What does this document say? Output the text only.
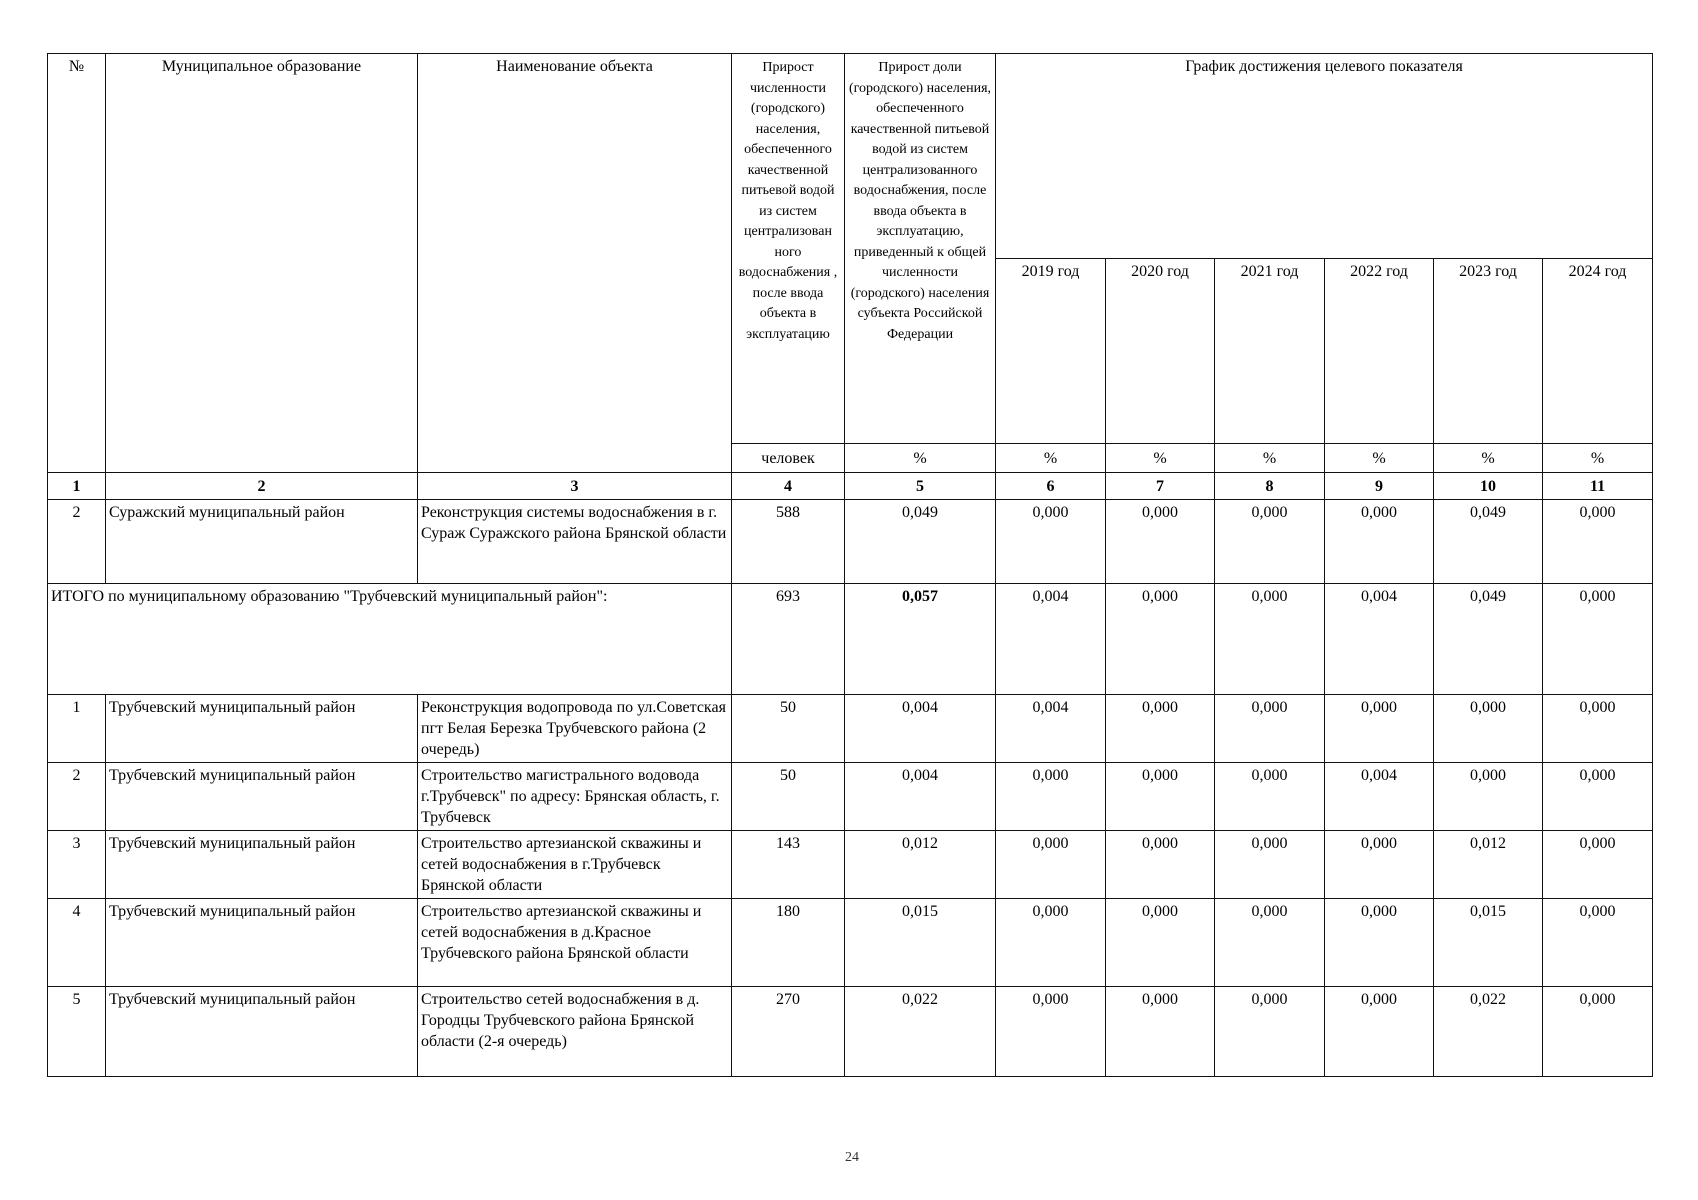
№	Муниципальное образование	Наименование объекта	Прирост численности (городского) населения, обеспеченного качественной питьевой водой из систем централизован ного водоснабжения , после ввода объекта в эксплуатацию	Прирост доли (городского) населения, обеспеченного качественной питьевой водой из систем централизованного водоснабжения, после ввода объекта в эксплуатацию, приведенный к общей численности (городского) населения субъекта Российской Федерации	График достижения целевого показателя					
					2019 год	2020 год	2021 год	2022 год	2023 год	2024 год
			человек	%	%	%	%	%	%	%
1	2	3	4	5	6	7	8	9	10	11
2	Суражский муниципальный район	Реконструкция системы водоснабжения в г. Сураж Суражского района Брянской области	588	0,049	0,000	0,000	0,000	0,000	0,049	0,000
ИТОГО по муниципальному образованию "Трубчевский муниципальный район":			693	0,057	0,004	0,000	0,000	0,004	0,049	0,000
1	Трубчевский муниципальный район	Реконструкция водопровода по ул.Советская пгт Белая Березка Трубчевского района (2 очередь)	50	0,004	0,004	0,000	0,000	0,000	0,000	0,000
2	Трубчевский муниципальный район	Строительство магистрального водовода г.Трубчевск" по адресу: Брянская область, г. Трубчевск	50	0,004	0,000	0,000	0,000	0,004	0,000	0,000
3	Трубчевский муниципальный район	Строительство артезианской скважины и сетей водоснабжения в г.Трубчевск Брянской области	143	0,012	0,000	0,000	0,000	0,000	0,012	0,000
4	Трубчевский муниципальный район	Строительство артезианской скважины и сетей водоснабжения в д.Красное Трубчевского района Брянской области	180	0,015	0,000	0,000	0,000	0,000	0,015	0,000
5	Трубчевский муниципальный район	Строительство сетей водоснабжения в д. Городцы Трубчевского района Брянской области (2-я очередь)	270	0,022	0,000	0,000	0,000	0,000	0,022	0,000
24
